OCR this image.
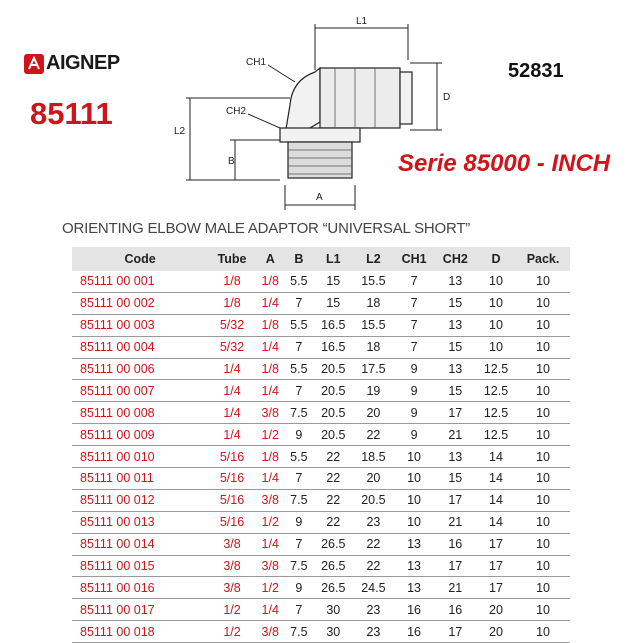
AIGNEP
85111
52831
Serie 85000 - INCH
L1
CH1
CH2
D
A
B
L2
ORIENTING ELBOW MALE ADAPTOR “UNIVERSAL SHORT”
Code	Tube	A	B	L1	L2	CH1	CH2	D	Pack.
85111 00 001	1/8	1/8	5.5	15	15.5	7	13	10	10
85111 00 002	1/8	1/4	7	15	18	7	15	10	10
85111 00 003	5/32	1/8	5.5	16.5	15.5	7	13	10	10
85111 00 004	5/32	1/4	7	16.5	18	7	15	10	10
85111 00 006	1/4	1/8	5.5	20.5	17.5	9	13	12.5	10
85111 00 007	1/4	1/4	7	20.5	19	9	15	12.5	10
85111 00 008	1/4	3/8	7.5	20.5	20	9	17	12.5	10
85111 00 009	1/4	1/2	9	20.5	22	9	21	12.5	10
85111 00 010	5/16	1/8	5.5	22	18.5	10	13	14	10
85111 00 011	5/16	1/4	7	22	20	10	15	14	10
85111 00 012	5/16	3/8	7.5	22	20.5	10	17	14	10
85111 00 013	5/16	1/2	9	22	23	10	21	14	10
85111 00 014	3/8	1/4	7	26.5	22	13	16	17	10
85111 00 015	3/8	3/8	7.5	26.5	22	13	17	17	10
85111 00 016	3/8	1/2	9	26.5	24.5	13	21	17	10
85111 00 017	1/2	1/4	7	30	23	16	16	20	10
85111 00 018	1/2	3/8	7.5	30	23	16	17	20	10
